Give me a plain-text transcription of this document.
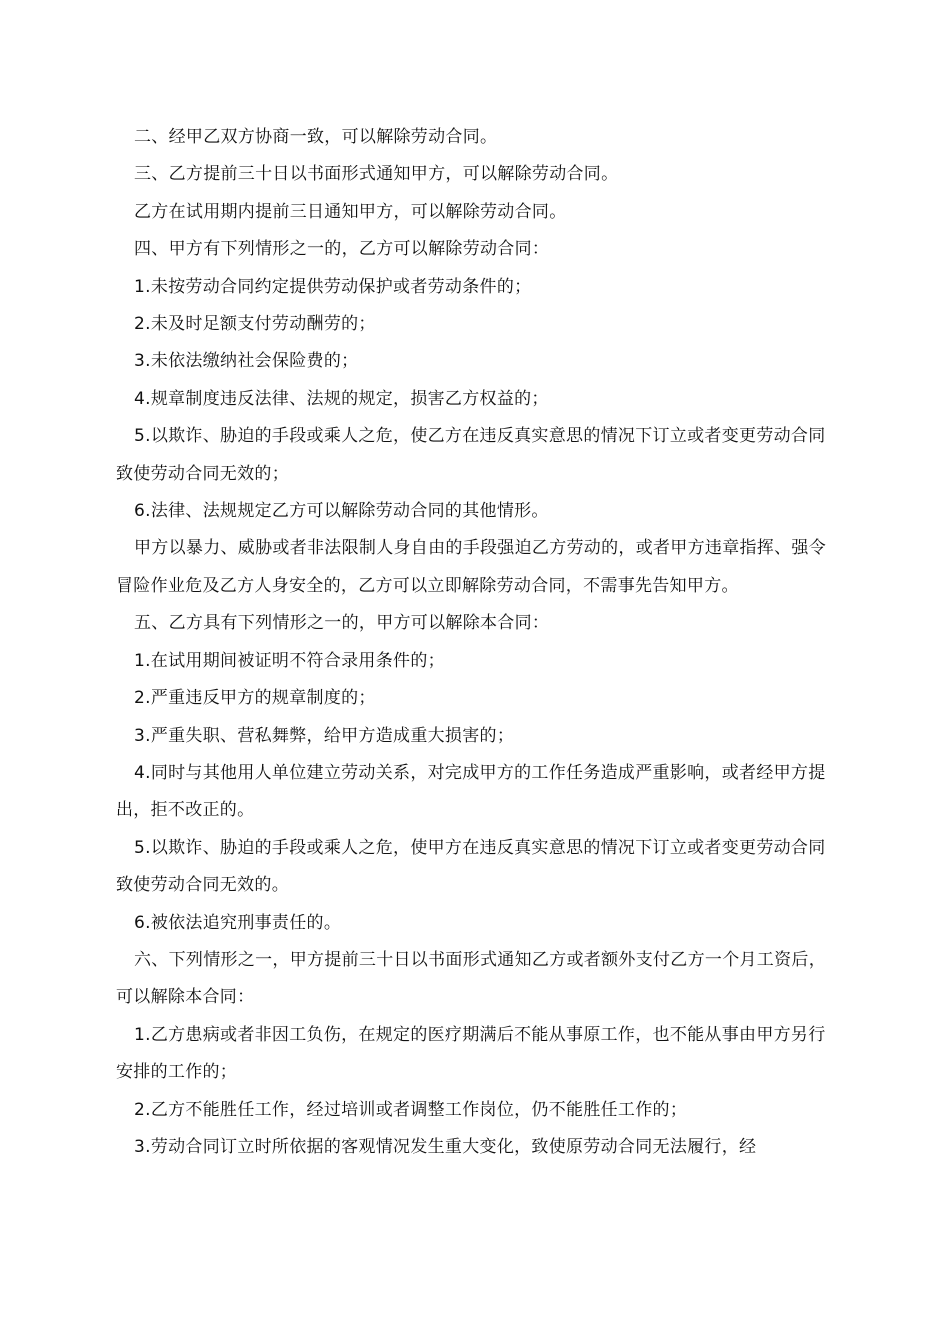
二、经甲乙双方协商一致，可以解除劳动合同。

三、乙方提前三十日以书面形式通知甲方，可以解除劳动合同。

乙方在试用期内提前三日通知甲方，可以解除劳动合同。

四、甲方有下列情形之一的，乙方可以解除劳动合同：

1.未按劳动合同约定提供劳动保护或者劳动条件的；

2.未及时足额支付劳动酬劳的；

3.未依法缴纳社会保险费的；

4.规章制度违反法律、法规的规定，损害乙方权益的；

5.以欺诈、胁迫的手段或乘人之危，使乙方在违反真实意思的情况下订立或者变更劳动合同致使劳动合同无效的；

6.法律、法规规定乙方可以解除劳动合同的其他情形。

甲方以暴力、威胁或者非法限制人身自由的手段强迫乙方劳动的，或者甲方违章指挥、强令冒险作业危及乙方人身安全的，乙方可以立即解除劳动合同，不需事先告知甲方。

五、乙方具有下列情形之一的，甲方可以解除本合同：

1.在试用期间被证明不符合录用条件的；

2.严重违反甲方的规章制度的；

3.严重失职、营私舞弊，给甲方造成重大损害的；

4.同时与其他用人单位建立劳动关系，对完成甲方的工作任务造成严重影响，或者经甲方提出，拒不改正的。

5.以欺诈、胁迫的手段或乘人之危，使甲方在违反真实意思的情况下订立或者变更劳动合同致使劳动合同无效的。

6.被依法追究刑事责任的。

六、下列情形之一，甲方提前三十日以书面形式通知乙方或者额外支付乙方一个月工资后，可以解除本合同：

1.乙方患病或者非因工负伤，在规定的医疗期满后不能从事原工作，也不能从事由甲方另行安排的工作的；

2.乙方不能胜任工作，经过培训或者调整工作岗位，仍不能胜任工作的；

3.劳动合同订立时所依据的客观情况发生重大变化，致使原劳动合同无法履行，经
